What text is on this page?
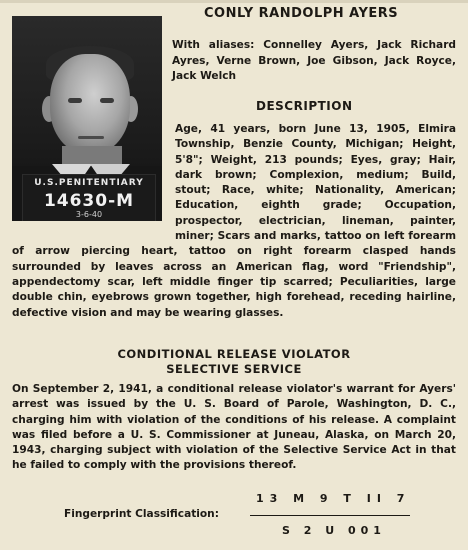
U.S.PENITENTIARY
14630-M
3-6-40
CONLY RANDOLPH AYERS
With aliases: Connelley Ayers, Jack Richard Ayres, Verne Brown, Joe Gibson, Jack Royce, Jack Welch
DESCRIPTION
Age, 41 years, born June 13, 1905, Elmira Township, Benzie County, Michigan; Height, 5'8"; Weight, 213 pounds; Eyes, gray; Hair, dark brown; Complexion, medium; Build, stout; Race, white; Nationality, American; Education, eighth grade; Occupation, prospector, electrician, lineman, painter, miner; Scars and marks, tattoo on left forearm of arrow piercing heart, tattoo on right forearm clasped hands surrounded by leaves across an American flag, word "Friendship", appendectomy scar, left middle finger tip scarred; Peculiarities, large double chin, eyebrows grown together, high forehead, receding hairline, defective vision and may be wearing glasses.
CONDITIONAL RELEASE VIOLATOR
SELECTIVE SERVICE
On September 2, 1941, a conditional release violator's warrant for Ayers' arrest was issued by the U. S. Board of Parole, Washington, D. C., charging him with violation of the conditions of his release. A complaint was filed before a U. S. Commissioner at Juneau, Alaska, on March 20, 1943, charging subject with violation of the Selective Service Act in that he failed to comply with the provisions thereof.
Fingerprint Classification:
13 M 9 T II 7
S 2 U 001
